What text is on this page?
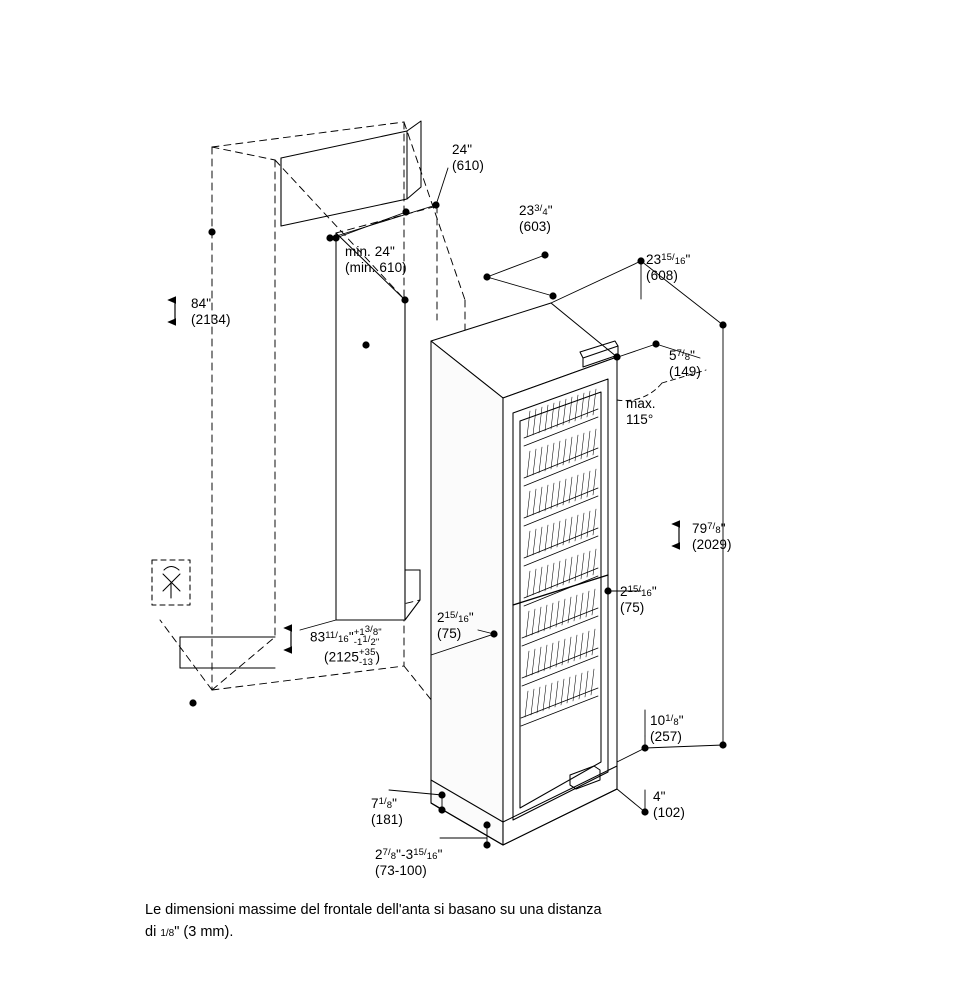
24"
(610)
233/4"
(603)
min. 24"
(min. 610)
84"
(2134)
2315/16"
(608)
57/8"
(149)
max.
115°
797/8"
(2029)
215/16"
(75)
215/16"
(75)
8311/16" +13/8"
-11/2"
(2125 +35
-13 )
101/8"
(257)
4"
(102)
71/8"
(181)
27/8"-315/16"
(73-100)
Le dimensioni massime del frontale dell'anta si basano su una distanza
di 1/8" (3 mm).
